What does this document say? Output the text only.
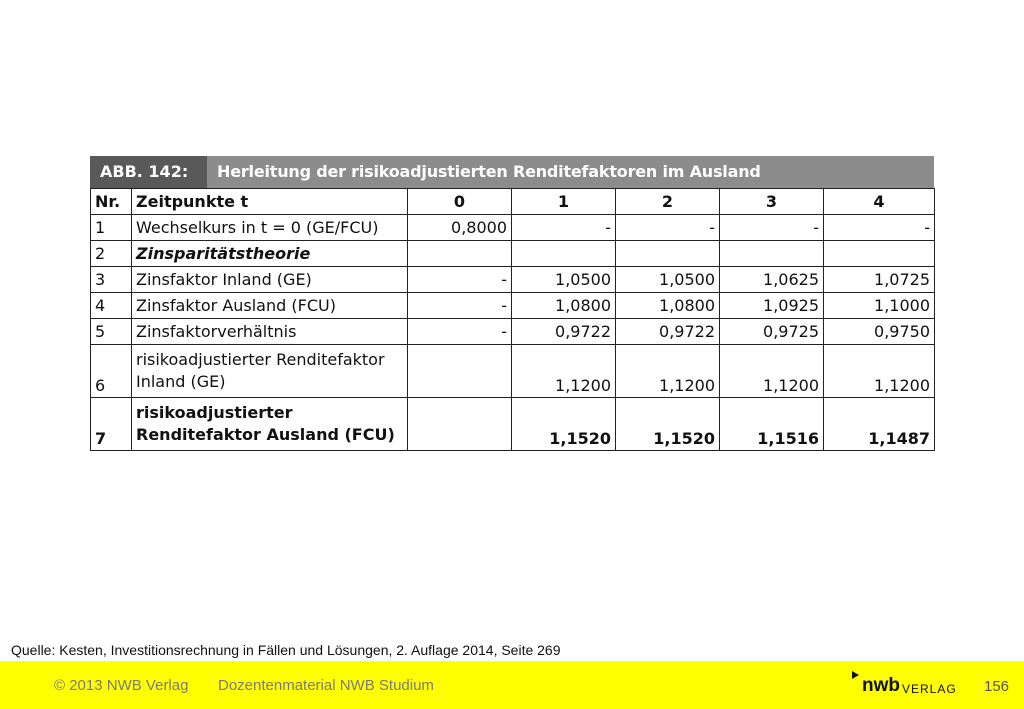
ABB. 142:	Herleitung der risikoadjustierten Renditefaktoren im Ausland
Nr.	Zeitpunkte t	0	1	2	3	4
1	Wechselkurs in t = 0 (GE/FCU)	0,8000	-	-	-	-
2	Zinsparitätstheorie					
3	Zinsfaktor Inland (GE)	-	1,0500	1,0500	1,0625	1,0725
4	Zinsfaktor Ausland (FCU)	-	1,0800	1,0800	1,0925	1,1000
5	Zinsfaktorverhältnis	-	0,9722	0,9722	0,9725	0,9750
6	risikoadjustierter Renditefaktor Inland (GE)		1,1200	1,1200	1,1200	1,1200
7	risikoadjustierter Renditefaktor Ausland (FCU)		1,1520	1,1520	1,1516	1,1487
Quelle: Kesten, Investitionsrechnung in Fällen und Lösungen, 2. Auflage 2014, Seite 269
© 2013 NWB Verlag Dozentenmaterial NWB Studium	nwb VERLAG 156
